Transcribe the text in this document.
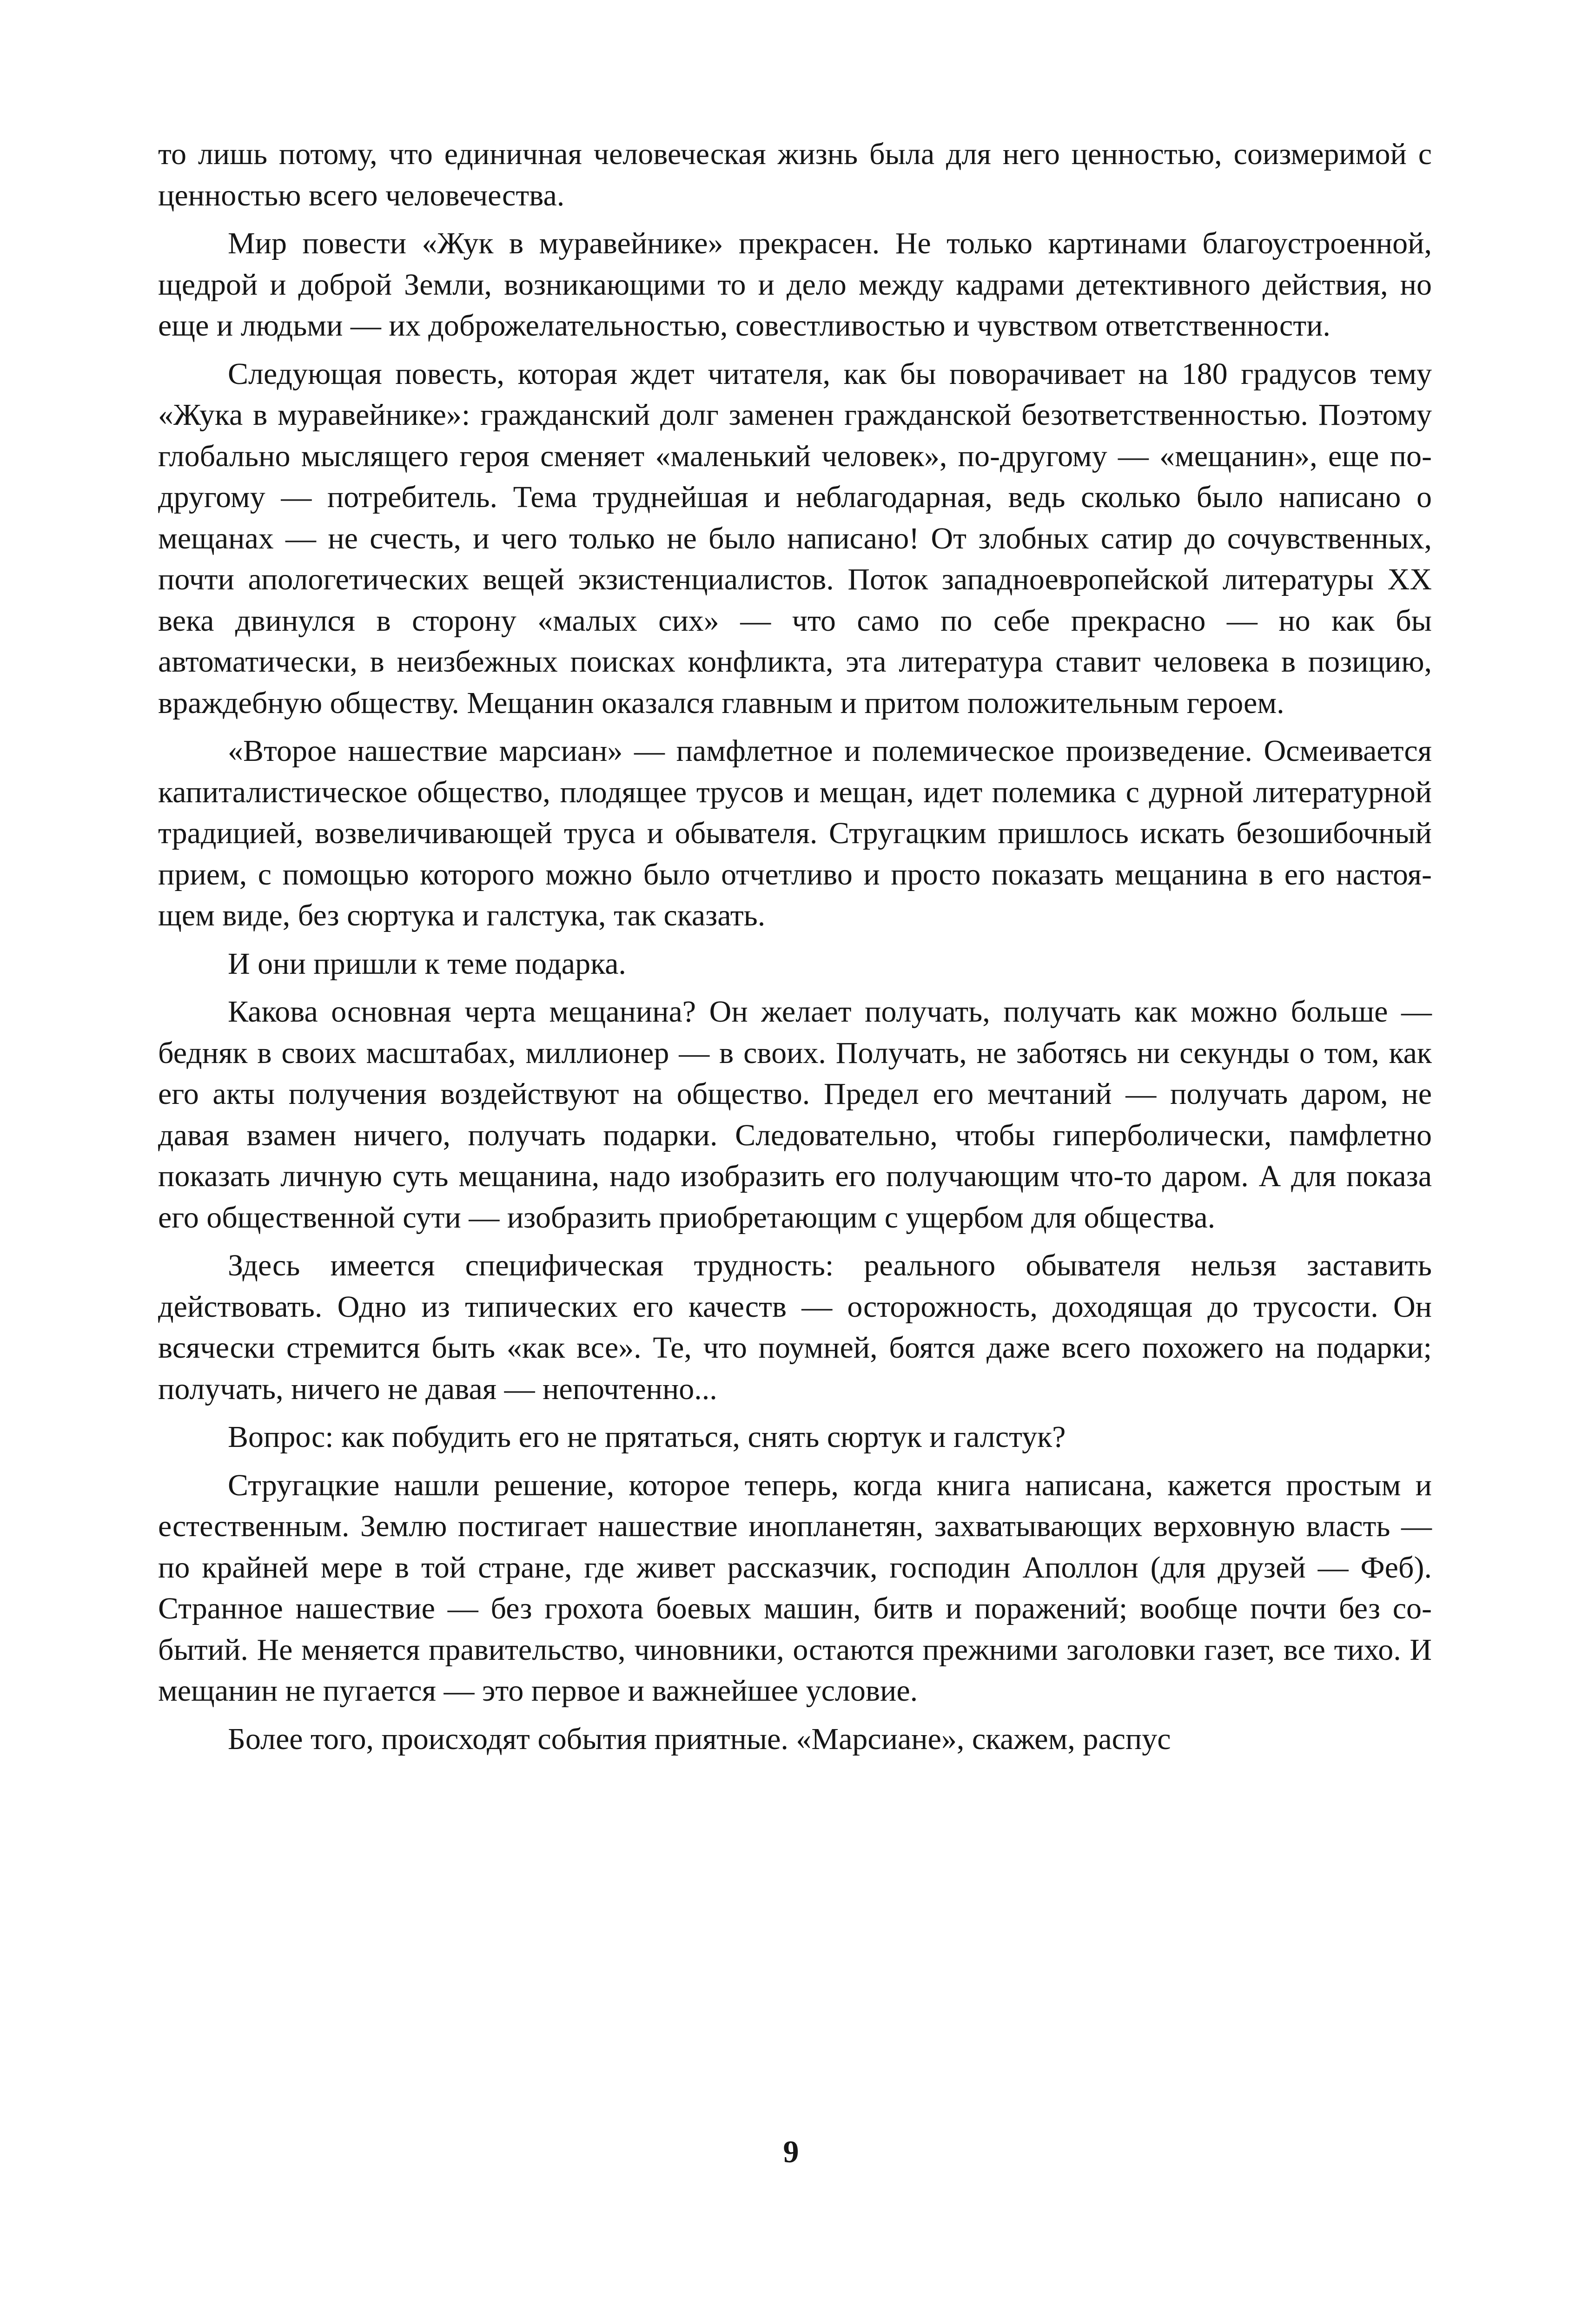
то лишь потому, что единичная человеческая жизнь была для него ценностью, соизмеримой с ценностью всего человечества.

Мир повести «Жук в муравейнике» прекрасен. Не только картинами благоустроенной, щедрой и доброй Земли, возникающими то и дело между кадрами детективного действия, но еще и людьми — их доброжелательностью, совестливостью и чувством ответственности.

Следующая повесть, которая ждет читателя, как бы поворачивает на 180 градусов тему «Жука в муравейнике»: гражданский долг заменен гражданской безответственностью. Поэтому глобально мыслящего героя сменяет «маленький человек», по-другому — «мещанин», еще по-другому — потребитель. Тема труднейшая и неблагодарная, ведь сколько было написано о мещанах — не счесть, и чего только не было написано! От злобных сатир до сочувственных, почти апологетических вещей экзистенциалистов. Поток западноевропейской литературы XX века двинулся в сторону «малых сих» — что само по себе прекрасно — но как бы автоматически, в неизбежных поисках конфликта, эта литература ставит человека в позицию, враждебную обществу. Мещанин оказался главным и притом положительным героем.

«Второе нашествие марсиан» — памфлетное и полемическое произведение. Осмеивается капиталистическое общество, плодящее трусов и мещан, идет полемика с дурной литературной традицией, возвеличивающей труса и обывателя. Стругацким пришлось искать безошибочный прием, с помощью которого можно было отчетливо и просто показать мещанина в его настоящем виде, без сюртука и галстука, так сказать.

И они пришли к теме подарка.

Какова основная черта мещанина? Он желает получать, получать как можно больше — бедняк в своих масштабах, миллионер — в своих. Получать, не заботясь ни секунды о том, как его акты получения воздействуют на общество. Предел его мечтаний — получать даром, не давая взамен ничего, получать подарки. Следовательно, чтобы гиперболически, памфлетно показать личную суть мещанина, надо изобразить его получающим что-то даром. А для показа его общественной сути — изобразить приобретающим с ущербом для общества.

Здесь имеется специфическая трудность: реального обывателя нельзя заставить действовать. Одно из типических его качеств — осторожность, доходящая до трусости. Он всячески стремится быть «как все». Те, что поумней, боятся даже всего похожего на подарки; получать, ничего не давая — непочтенно...

Вопрос: как побудить его не прятаться, снять сюртук и галстук?

Стругацкие нашли решение, которое теперь, когда книга написана, кажется простым и естественным. Землю постигает нашествие инопланетян, захватывающих верховную власть — по крайней мере в той стране, где живет рассказчик, господин Аполлон (для друзей — Феб). Странное нашествие — без грохота боевых машин, битв и поражений; вообще почти без событий. Не меняется правительство, чиновники, остаются прежними заголовки газет, все тихо. И мещанин не пугается — это первое и важнейшее условие.

Более того, происходят события приятные. «Марсиане», скажем, распус

9
